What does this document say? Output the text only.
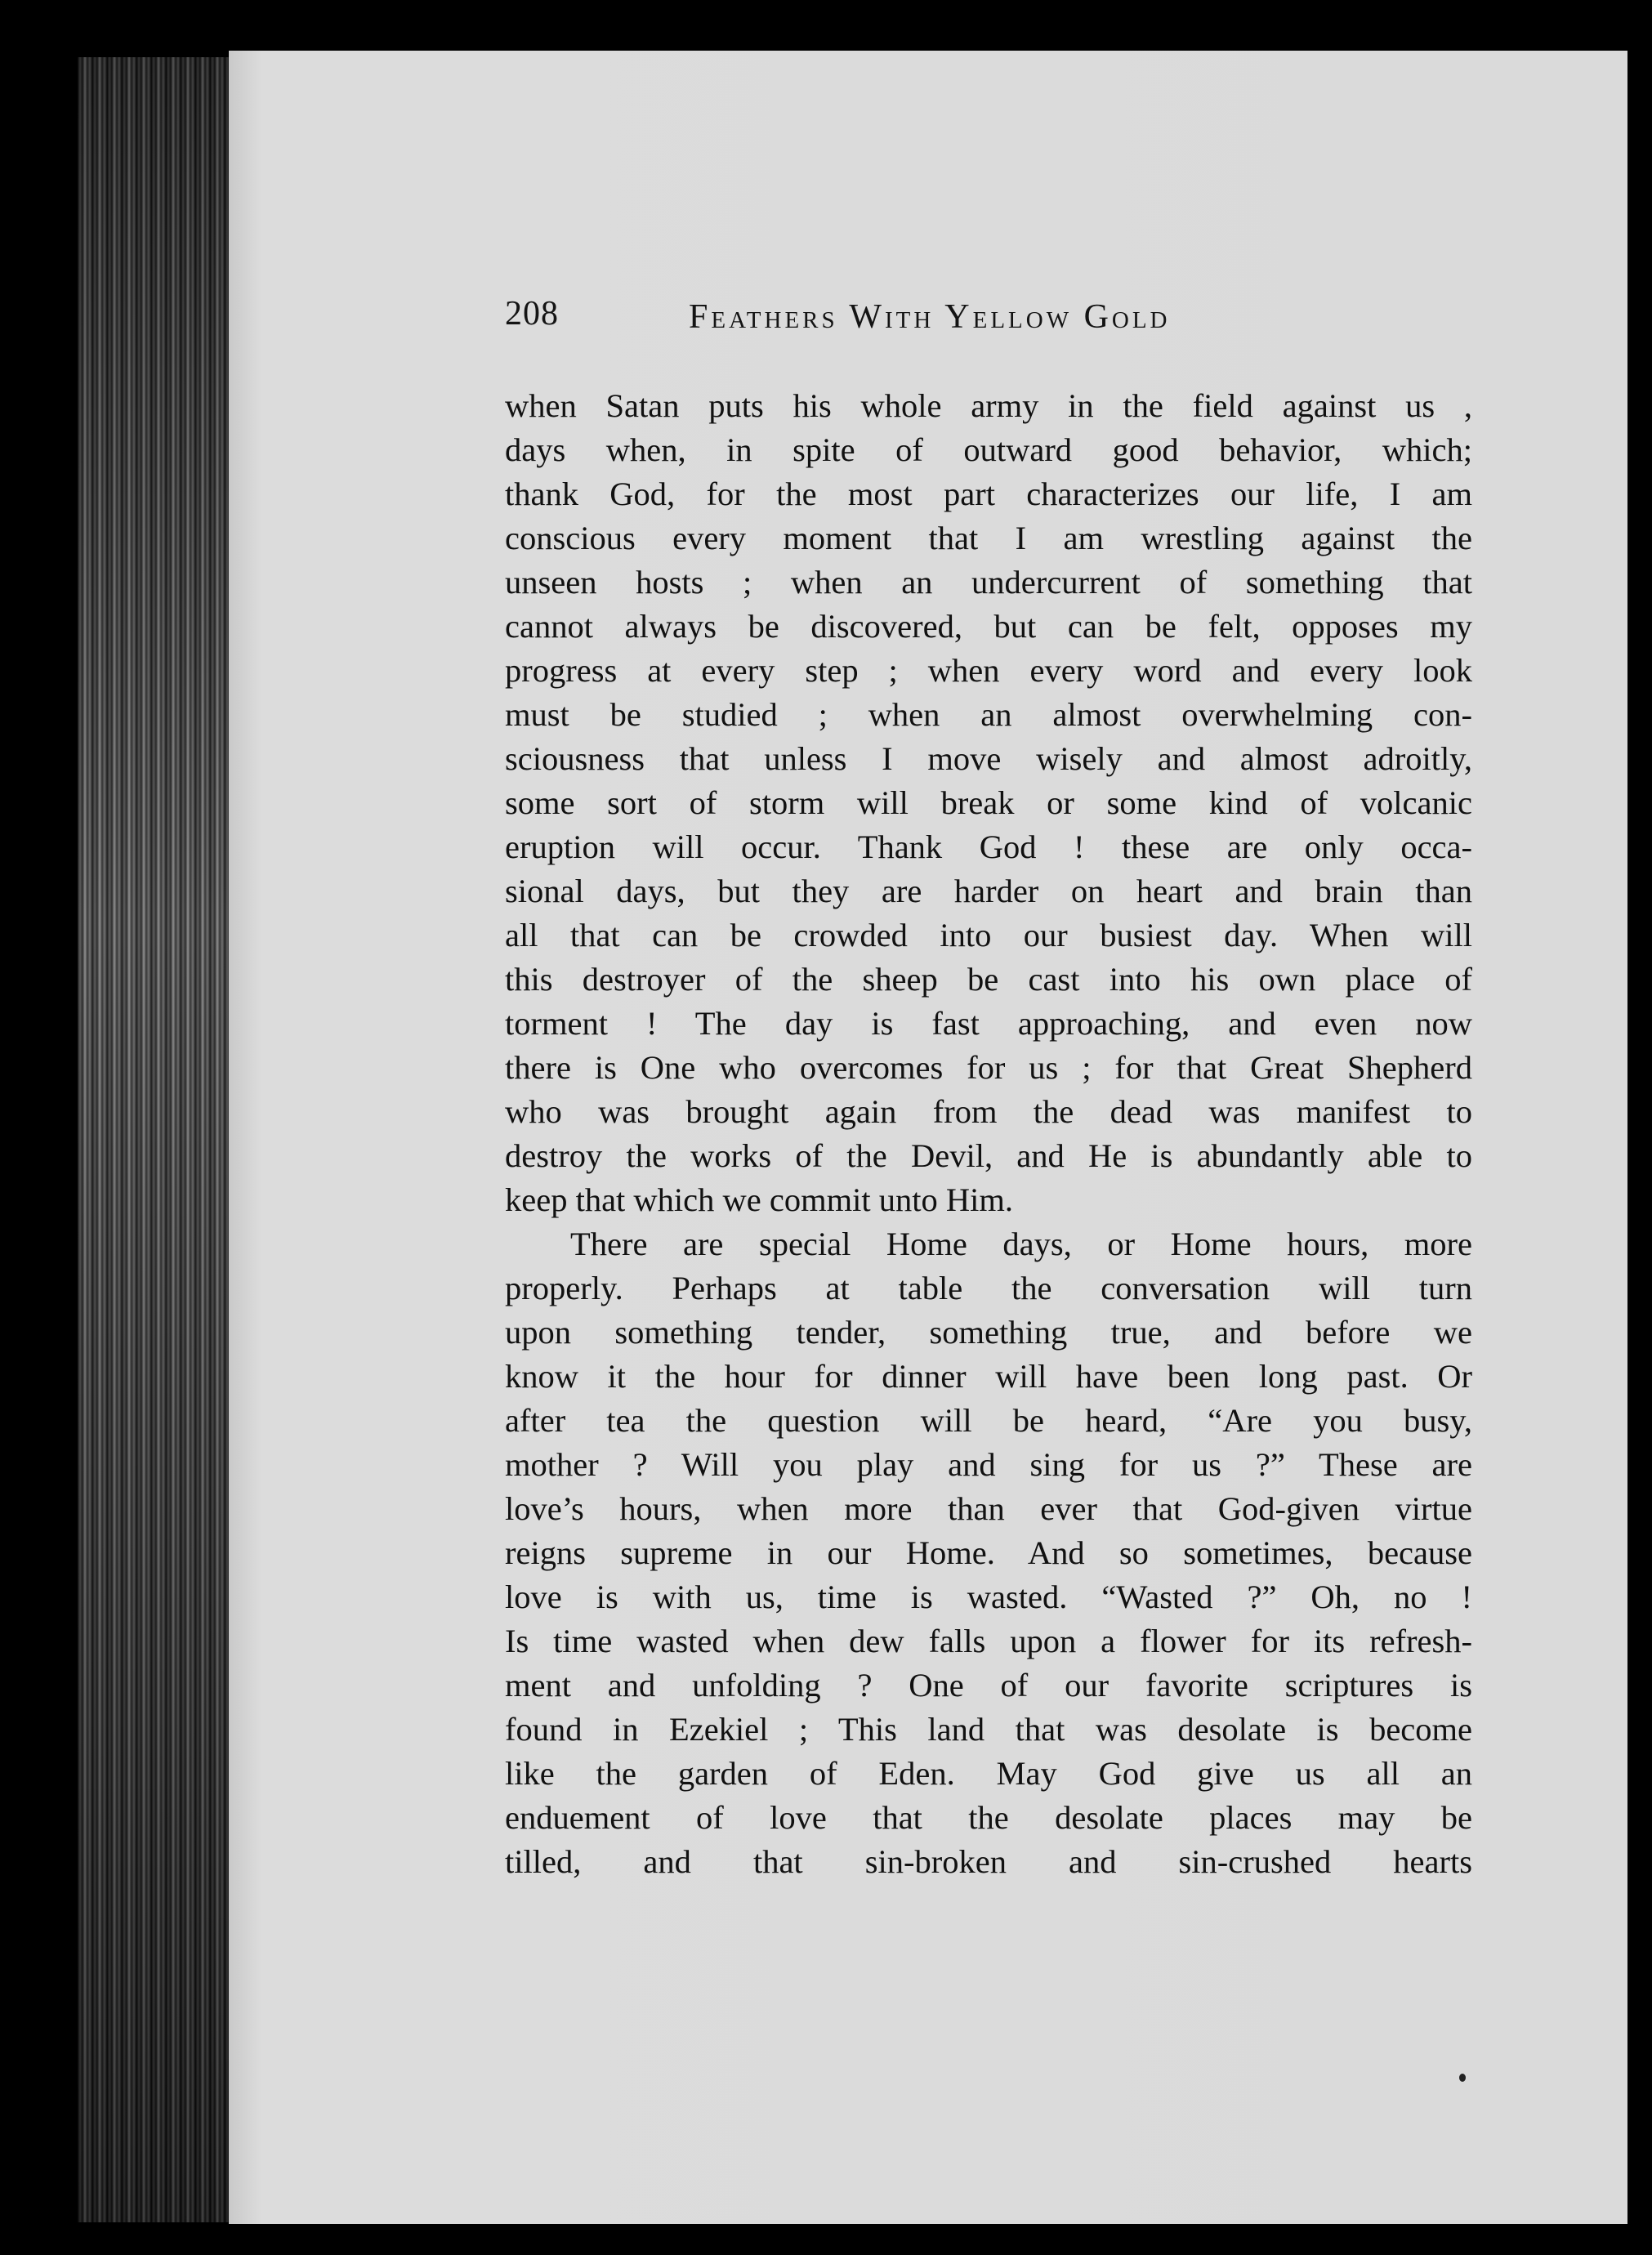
208	Feathers With Yellow Gold
when Satan puts his whole army in the field against us ,
days when, in spite of outward good behavior, which;
thank God, for the most part characterizes our life, I am
conscious every moment that I am wrestling against the
unseen hosts ; when an undercurrent of something that
cannot always be discovered, but can be felt, opposes my
progress at every step ; when every word and every look
must be studied ; when an almost overwhelming con-
sciousness that unless I move wisely and almost adroitly,
some sort of storm will break or some kind of volcanic
eruption will occur. Thank God ! these are only occa-
sional days, but they are harder on heart and brain than
all that can be crowded into our busiest day. When will
this destroyer of the sheep be cast into his own place of
torment ! The day is fast approaching, and even now
there is One who overcomes for us ; for that Great Shepherd
who was brought again from the dead was manifest to
destroy the works of the Devil, and He is abundantly able to
keep that which we commit unto Him.
There are special Home days, or Home hours, more
properly. Perhaps at table the conversation will turn
upon something tender, something true, and before we
know it the hour for dinner will have been long past. Or
after tea the question will be heard, “Are you busy,
mother ? Will you play and sing for us ?” These are
love’s hours, when more than ever that God-given virtue
reigns supreme in our Home. And so sometimes, because
love is with us, time is wasted. “Wasted ?” Oh, no !
Is time wasted when dew falls upon a flower for its refresh-
ment and unfolding ? One of our favorite scriptures is
found in Ezekiel ; This land that was desolate is become
like the garden of Eden. May God give us all an
enduement of love that the desolate places may be
tilled, and that sin-broken and sin-crushed hearts
